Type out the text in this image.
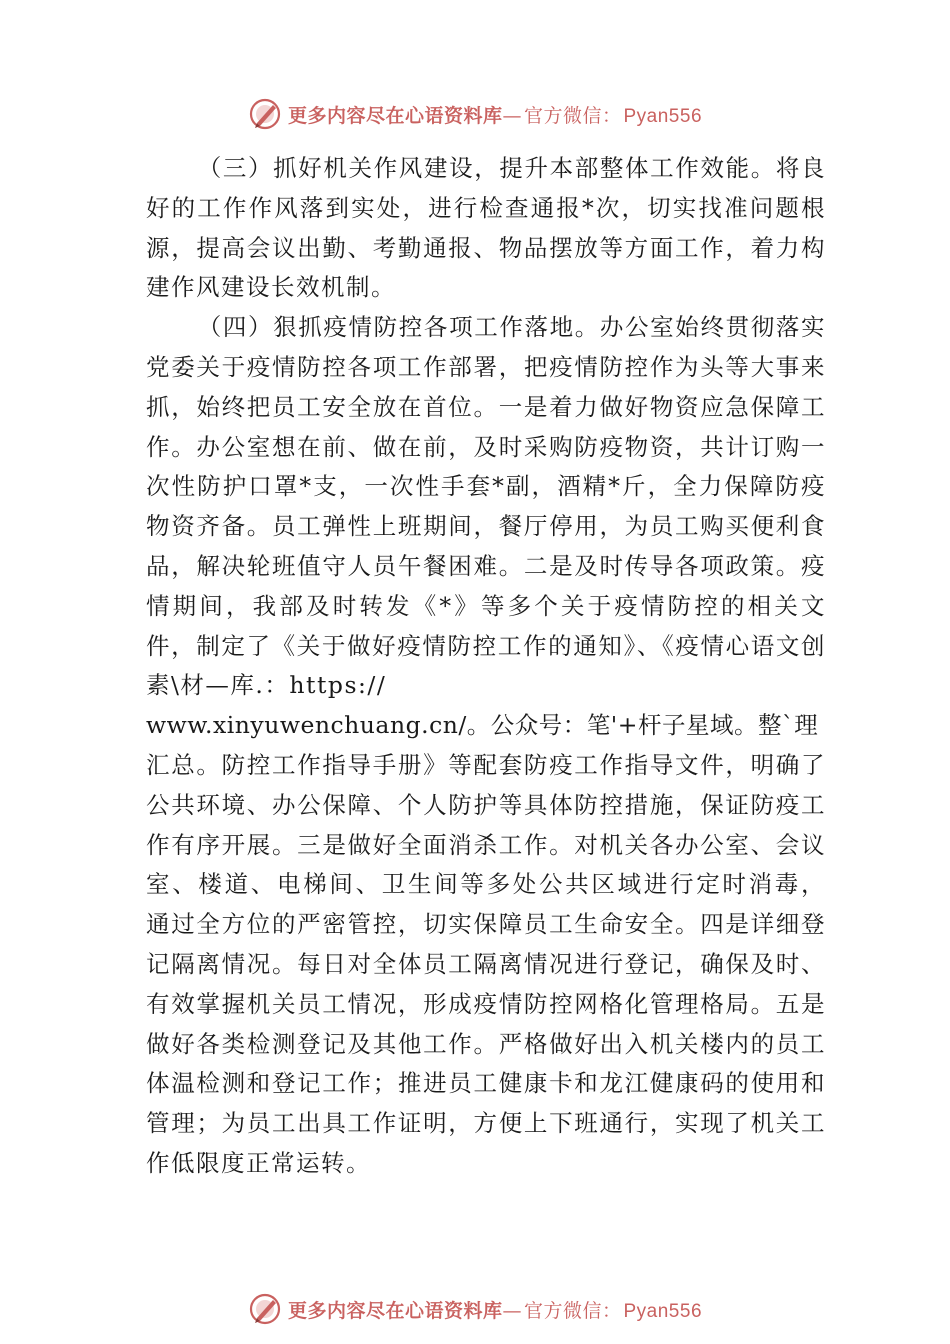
更多内容尽在心语资料库 — 官方微信： Pyan556

（三）抓好机关作风建设，提升本部整体工作效能。将良好的工作作风落到实处，进行检查通报*次，切实找准问题根源，提高会议出勤、考勤通报、物品摆放等方面工作，着力构建作风建设长效机制。

（四）狠抓疫情防控各项工作落地。办公室始终贯彻落实党委关于疫情防控各项工作部署，把疫情防控作为头等大事来抓，始终把员工安全放在首位。一是着力做好物资应急保障工作。办公室想在前、做在前，及时采购防疫物资，共计订购一次性防护口罩*支，一次性手套*副，酒精*斤，全力保障防疫物资齐备。员工弹性上班期间，餐厅停用，为员工购买便利食品，解决轮班值守人员午餐困难。二是及时传导各项政策。疫情期间，我部及时转发《*》等多个关于疫情防控的相关文件，制定了《关于做好疫情防控工作的通知》、《疫情心语文创素\材—库.：https://
www.xinyuwenchuang.cn/。公众号：笔'+杆子星域。整`理
汇总。防控工作指导手册》等配套防疫工作指导文件，明确了公共环境、办公保障、个人防护等具体防控措施，保证防疫工作有序开展。三是做好全面消杀工作。对机关各办公室、会议室、楼道、电梯间、卫生间等多处公共区域进行定时消毒， 通过全方位的严密管控，切实保障员工生命安全。四是详细登记隔离情况。每日对全体员工隔离情况进行登记，确保及时、有效掌握机关员工情况，形成疫情防控网格化管理格局。五是做好各类检测登记及其他工作。严格做好出入机关楼内的员工体温检测和登记工作；推进员工健康卡和龙江健康码的使用和管理；为员工出具工作证明，方便上下班通行，实现了机关工作低限度正常运转。

更多内容尽在心语资料库 — 官方微信： Pyan556
